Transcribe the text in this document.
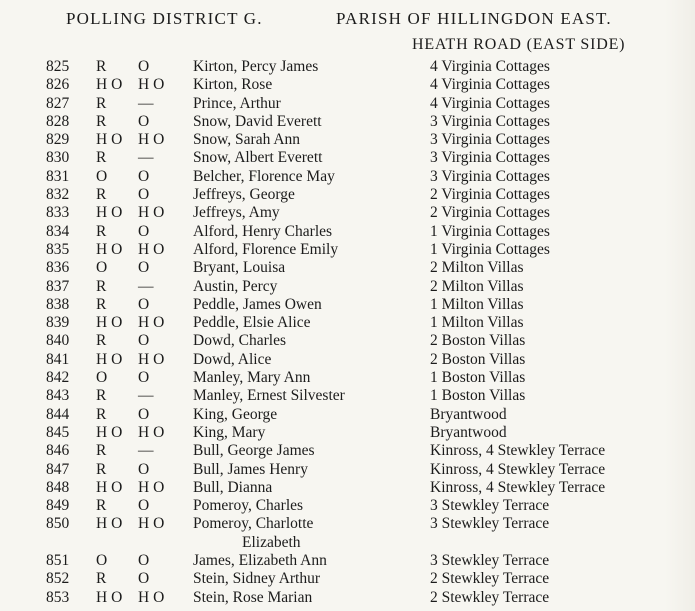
POLLING DISTRICT G.	PARISH OF HILLINGDON EAST.
HEATH ROAD (EAST SIDE)
825	R	O	Kirton, Percy James	4 Virginia Cottages
826	H O	H O	Kirton, Rose	4 Virginia Cottages
827	R	—	Prince, Arthur	4 Virginia Cottages
828	R	O	Snow, David Everett	3 Virginia Cottages
829	H O	H O	Snow, Sarah Ann	3 Virginia Cottages
830	R	—	Snow, Albert Everett	3 Virginia Cottages
831	O	O	Belcher, Florence May	3 Virginia Cottages
832	R	O	Jeffreys, George	2 Virginia Cottages
833	H O	H O	Jeffreys, Amy	2 Virginia Cottages
834	R	O	Alford, Henry Charles	1 Virginia Cottages
835	H O	H O	Alford, Florence Emily	1 Virginia Cottages
836	O	O	Bryant, Louisa	2 Milton Villas
837	R	—	Austin, Percy	2 Milton Villas
838	R	O	Peddle, James Owen	1 Milton Villas
839	H O	H O	Peddle, Elsie Alice	1 Milton Villas
840	R	O	Dowd, Charles	2 Boston Villas
841	H O	H O	Dowd, Alice	2 Boston Villas
842	O	O	Manley, Mary Ann	1 Boston Villas
843	R	—	Manley, Ernest Silvester	1 Boston Villas
844	R	O	King, George	Bryantwood
845	H O	H O	King, Mary	Bryantwood
846	R	—	Bull, George James	Kinross, 4 Stewkley Terrace
847	R	O	Bull, James Henry	Kinross, 4 Stewkley Terrace
848	H O	H O	Bull, Dianna	Kinross, 4 Stewkley Terrace
849	R	O	Pomeroy, Charles	3 Stewkley Terrace
850	H O	H O	Pomeroy, Charlotte	3 Stewkley Terrace
Elizabeth
851	O	O	James, Elizabeth Ann	3 Stewkley Terrace
852	R	O	Stein, Sidney Arthur	2 Stewkley Terrace
853	H O	H O	Stein, Rose Marian	2 Stewkley Terrace
